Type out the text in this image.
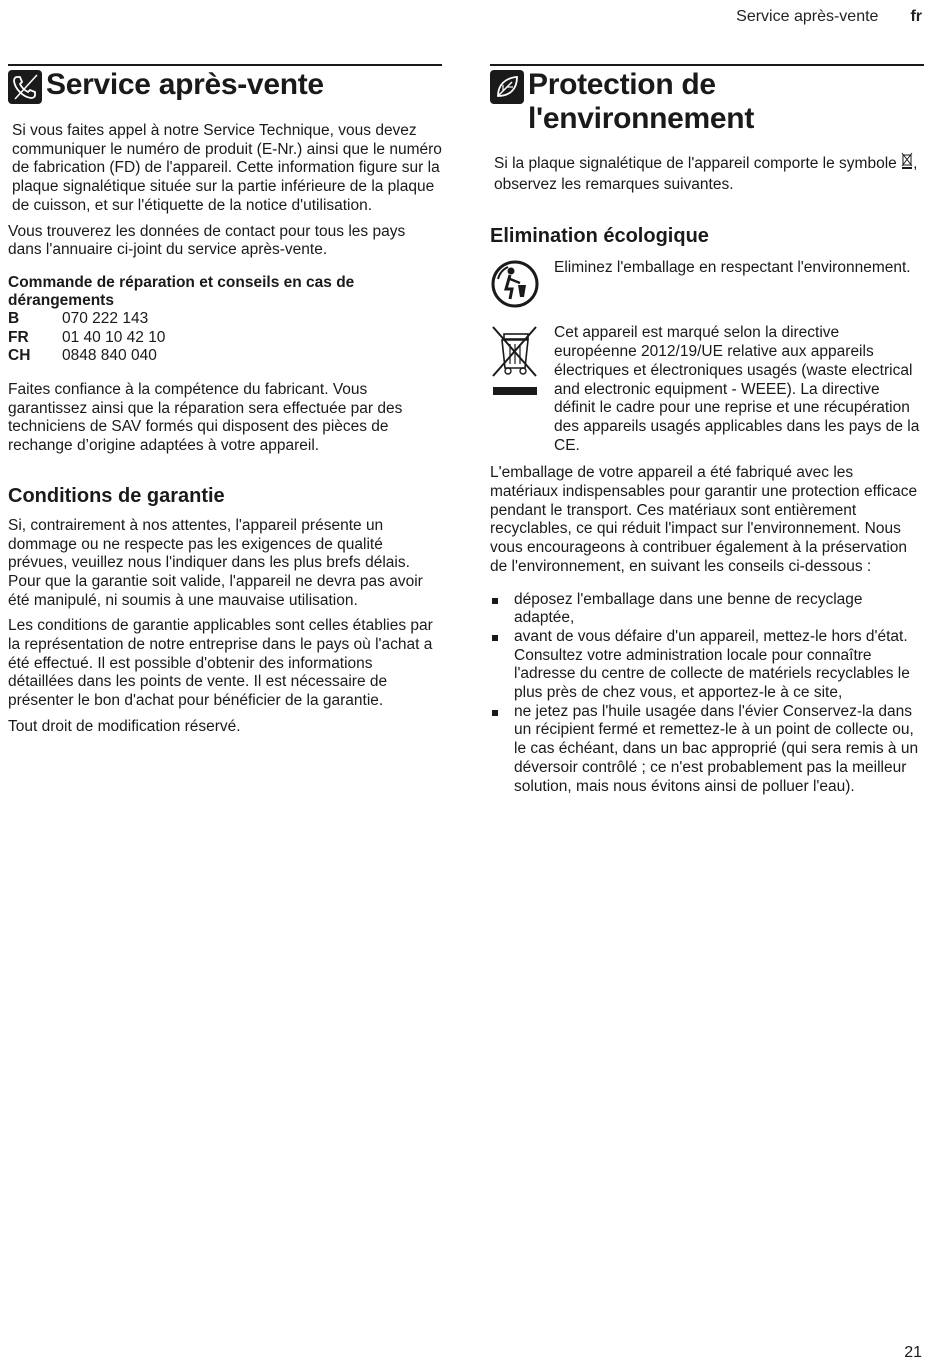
Service après-vente fr
Service après-vente

Si vous faites appel à notre Service Technique, vous devez communiquer le numéro de produit (E-Nr.) ainsi que le numéro de fabrication (FD) de l'appareil. Cette information figure sur la plaque signalétique située sur la partie inférieure de la plaque de cuisson, et sur l'étiquette de la notice d'utilisation.

Vous trouverez les données de contact pour tous les pays dans l'annuaire ci-joint du service après-vente.

Commande de réparation et conseils en cas de dérangements
B	070 222 143
FR	01 40 10 42 10
CH	0848 840 040

Faites confiance à la compétence du fabricant. Vous garantissez ainsi que la réparation sera effectuée par des techniciens de SAV formés qui disposent des pièces de rechange d’origine adaptées à votre appareil.

Conditions de garantie

Si, contrairement à nos attentes, l'appareil présente un dommage ou ne respecte pas les exigences de qualité prévues, veuillez nous l'indiquer dans les plus brefs délais. Pour que la garantie soit valide, l'appareil ne devra pas avoir été manipulé, ni soumis à une mauvaise utilisation.

Les conditions de garantie applicables sont celles établies par la représentation de notre entreprise dans le pays où l'achat a été effectué. Il est possible d'obtenir des informations détaillées dans les points de vente. Il est nécessaire de présenter le bon d'achat pour bénéficier de la garantie.

Tout droit de modification réservé.

Protection de
l'environnement

Si la plaque signalétique de l'appareil comporte le symbole , observez les remarques suivantes.

Elimination écologique

Eliminez l'emballage en respectant l'environnement.

Cet appareil est marqué selon la directive européenne 2012/19/UE relative aux appareils électriques et électroniques usagés (waste electrical and electronic equipment - WEEE). La directive définit le cadre pour une reprise et une récupération des appareils usagés applicables dans les pays de la CE.

L'emballage de votre appareil a été fabriqué avec les matériaux indispensables pour garantir une protection efficace pendant le transport. Ces matériaux sont entièrement recyclables, ce qui réduit l'impact sur l'environnement. Nous vous encourageons à contribuer également à la préservation de l'environnement, en suivant les conseils ci-dessous :

déposez l'emballage dans une benne de recyclage adaptée,
avant de vous défaire d'un appareil, mettez-le hors d'état. Consultez votre administration locale pour connaître l'adresse du centre de collecte de matériels recyclables le plus près de chez vous, et apportez-le à ce site,
ne jetez pas l'huile usagée dans l'évier Conservez-la dans un récipient fermé et remettez-le à un point de collecte ou, le cas échéant, dans un bac approprié (qui sera remis à un déversoir contrôlé ; ce n'est probablement pas la meilleur solution, mais nous évitons ainsi de polluer l'eau).
21
